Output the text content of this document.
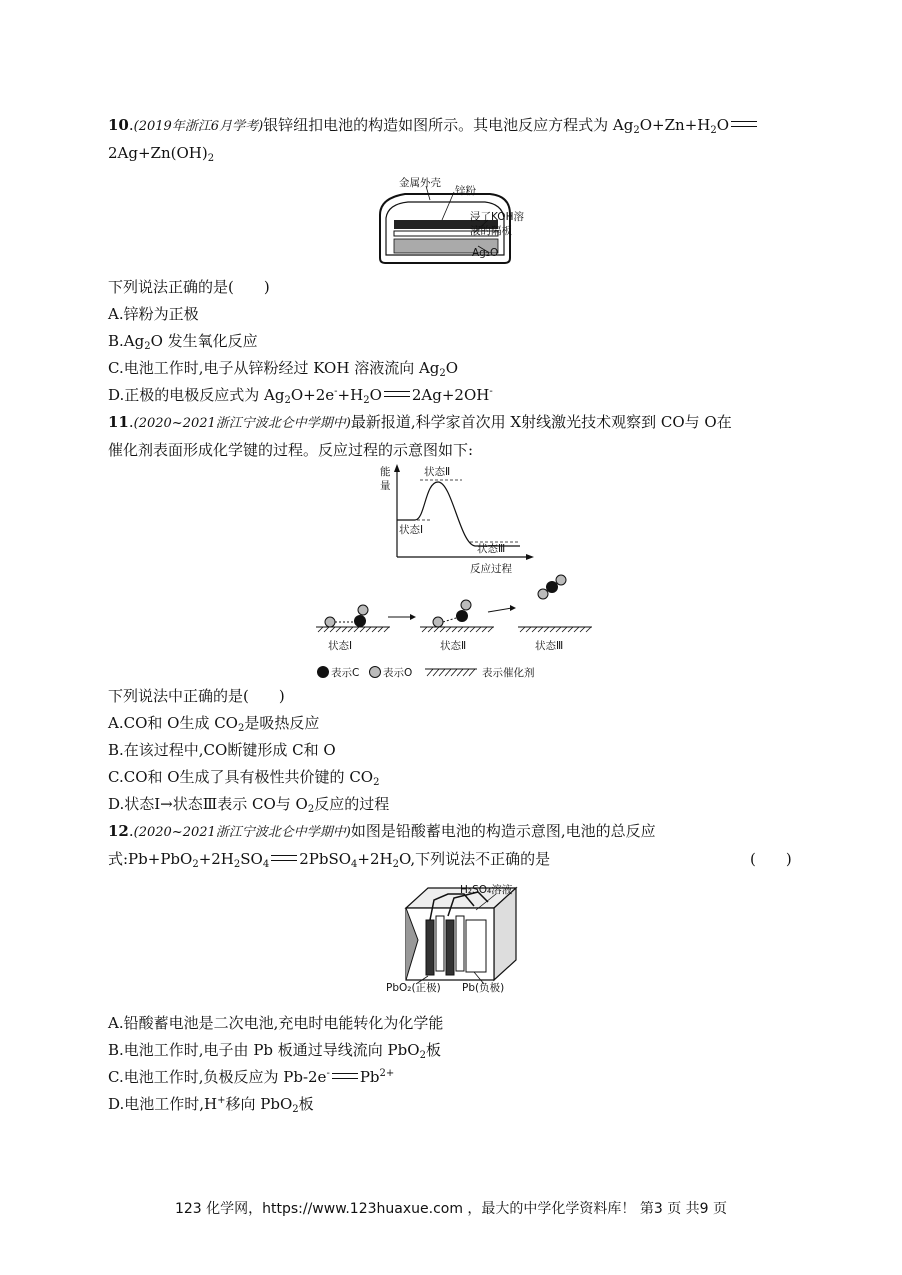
10.(2019年浙江6月学考)银锌纽扣电池的构造如图所示。其电池反应方程式为 $Ag_2O+Zn+H_2O$
$2Ag+Zn(OH)_2$
金属外壳
锌粉
浸了KOH溶
液的隔板
Ag₂O
下列说法正确的是(　　)
A.锌粉为正极
$B.Ag_2O$ 发生氧化反应
C.电池工作时,电子从锌粉经过 KOH 溶液流向 $Ag_2O$
D.正极的电极反应式为 $Ag_2O+2e^-+H_2O$ 2Ag+2OH-
11.(2020~2021浙江宁波北仑中学期中)最新报道,科学家首次用 X射线激光技术观察到 CO与 O在
催化剂表面形成化学键的过程。反应过程的示意图如下:
能
量
状态Ⅱ
状态Ⅰ
状态Ⅲ
反应过程
状态Ⅰ	状态Ⅱ	状态Ⅲ
表示C 表示O	表示催化剂
下列说法中正确的是(　　)
A.CO和 O生成 $CO_2$是吸热反应
B.在该过程中,CO断键形成 C和 O
C.CO和 O生成了具有极性共价键的 $CO_2$
D.状态Ⅰ→状态Ⅲ表示 CO与 $O_2$反应的过程
12.(2020~2021浙江宁波北仑中学期中)如图是铅酸蓄电池的构造示意图,电池的总反应
式$:Pb+PbO_2+2H_2SO_4$ $2PbSO_4+2H_2O$,下列说法不正确的是	(　　)
H₂SO₄溶液
PbO₂(正极) Pb(负极)
A.铅酸蓄电池是二次电池,充电时电能转化为化学能
B.电池工作时,电子由 Pb 板通过导线流向 PbO$_2$板
C.电池工作时,负极反应为 Pb-2e- $Pb^{2+}$
D.电池工作时,H+移向 PbO$_2$板
123 化学网，https://www.123huaxue.com ，最大的中学化学资料库！ 第3 页 共9 页
